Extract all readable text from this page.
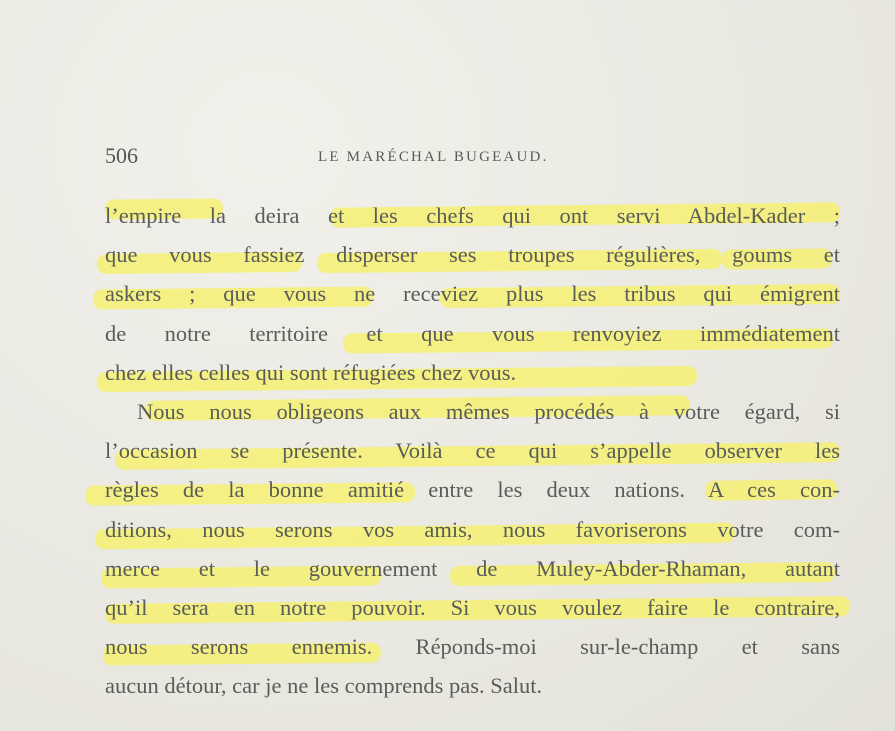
506	LE MARÉCHAL BUGEAUD.
l’empire la deira et les chefs qui ont servi Abdel-Kader ;
que vous fassiez disperser ses troupes régulières, goums et
askers ; que vous ne receviez plus les tribus qui émigrent
de notre territoire et que vous renvoyiez immédiatement
chez elles celles qui sont réfugiées chez vous.
Nous nous obligeons aux mêmes procédés à votre égard, si
l’occasion se présente. Voilà ce qui s’appelle observer les
règles de la bonne amitié entre les deux nations. A ces con-
ditions, nous serons vos amis, nous favoriserons votre com-
merce et le gouvernement de Muley-Abder-Rhaman, autant
qu’il sera en notre pouvoir. Si vous voulez faire le contraire,
nous serons ennemis. Réponds-moi sur-le-champ et sans
aucun détour, car je ne les comprends pas. Salut.
